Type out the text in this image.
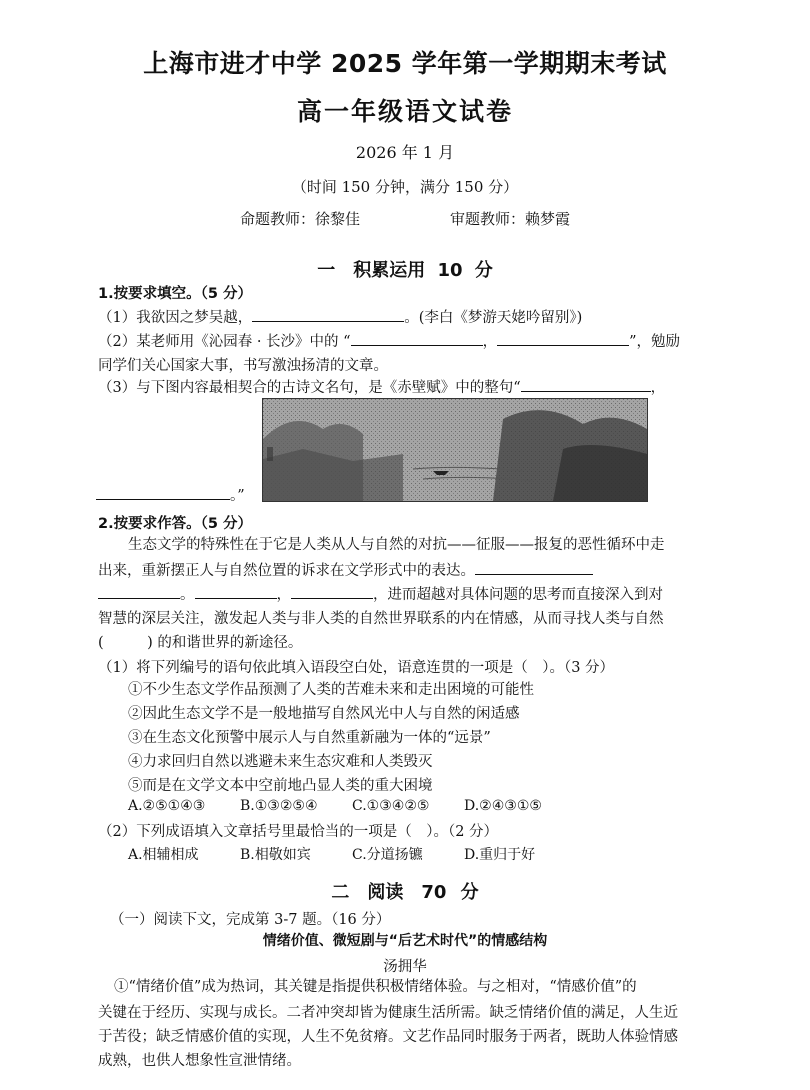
上海市进才中学 2025 学年第一学期期末考试
高一年级语文试卷
2026 年 1 月
（时间 150 分钟，满分 150 分）
命题教师：徐黎佳	审题教师：赖梦霞
一　积累运用 10 分
1.按要求填空。（5 分）
（1）我欲因之梦吴越，	。(李白《梦游天姥吟留别》)
（2）某老师用《沁园春 · 长沙》中的 “	，	”，勉励
同学们关心国家大事，书写激浊扬清的文章。
（3）与下图内容最相契合的古诗文名句，是《赤壁赋》中的整句“	，
。”
2.按要求作答。（5 分）
生态文学的特殊性在于它是人类从人与自然的对抗——征服——报复的恶性循环中走
出来，重新摆正人与自然位置的诉求在文学形式中的表达。
。	，	，进而超越对具体问题的思考而直接深入到对
智慧的深层关注，激发起人类与非人类的自然世界联系的内在情感，从而寻找人类与自然
(　　　) 的和谐世界的新途径。
（1）将下列编号的语句依此填入语段空白处，语意连贯的一项是（　）。（3 分）
①不少生态文学作品预测了人类的苦难未来和走出困境的可能性
②因此生态文学不是一般地描写自然风光中人与自然的闲适感
③在生态文化预警中展示人与自然重新融为一体的“远景”
④力求回归自然以逃避未来生态灾难和人类毁灭
⑤而是在文学文本中空前地凸显人类的重大困境
A.②⑤①④③ B.①③②⑤④ C.①③④②⑤ D.②④③①⑤
（2）下列成语填入文章括号里最恰当的一项是（　）。（2 分）
A.相辅相成	B.相敬如宾	C.分道扬镳	D.重归于好
二　阅读　70 分
（一）阅读下文，完成第 3-7 题。（16 分）
情绪价值、微短剧与“后艺术时代”的情感结构
汤拥华
①“情绪价值”成为热词，其关键是指提供积极情绪体验。与之相对，“情感价值”的
关键在于经历、实现与成长。二者冲突却皆为健康生活所需。缺乏情绪价值的满足，人生近
于苦役；缺乏情感价值的实现，人生不免贫瘠。文艺作品同时服务于两者，既助人体验情感
成熟，也供人想象性宣泄情绪。
